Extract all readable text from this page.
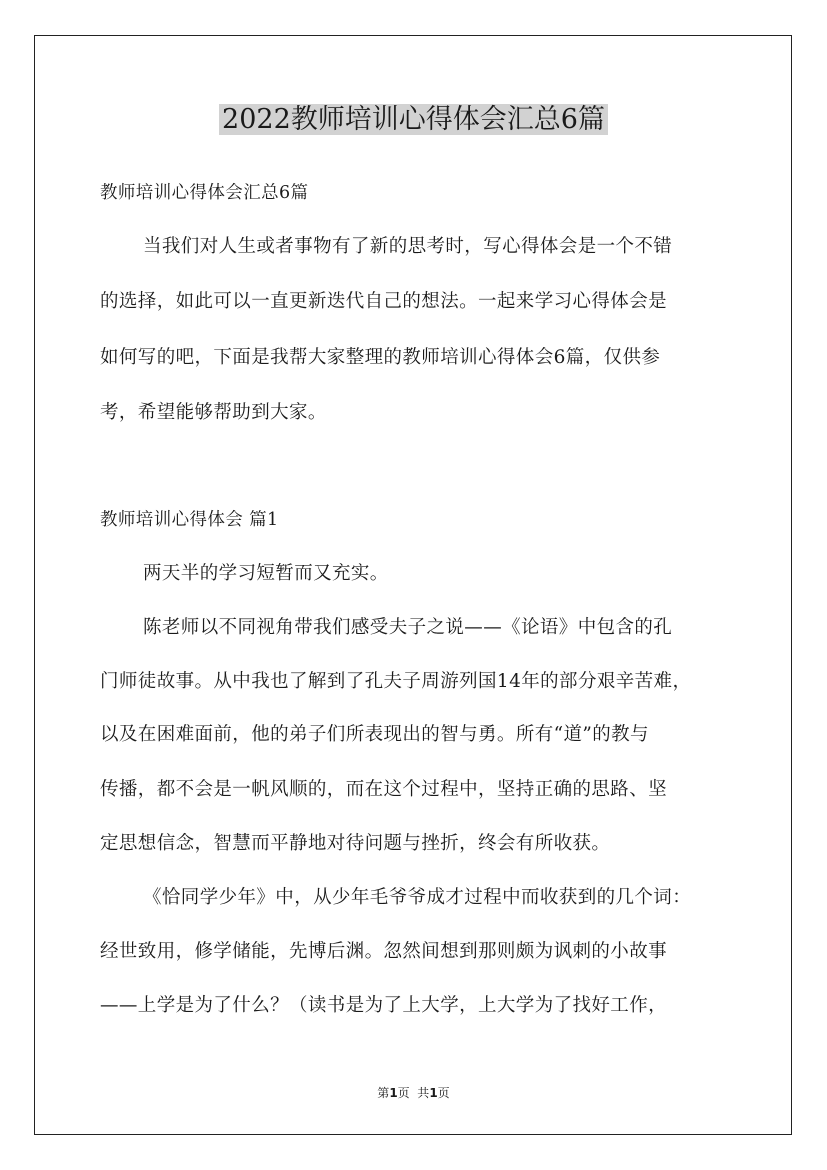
2022教师培训心得体会汇总6篇
教师培训心得体会汇总6篇
当我们对人生或者事物有了新的思考时，写心得体会是一个不错
的选择，如此可以一直更新迭代自己的想法。一起来学习心得体会是
如何写的吧，下面是我帮大家整理的教师培训心得体会6篇，仅供参
考，希望能够帮助到大家。
教师培训心得体会 篇1
两天半的学习短暂而又充实。
陈老师以不同视角带我们感受夫子之说——《论语》中包含的孔
门师徒故事。从中我也了解到了孔夫子周游列国14年的部分艰辛苦难，
以及在困难面前，他的弟子们所表现出的智与勇。所有“道”的教与
传播，都不会是一帆风顺的，而在这个过程中，坚持正确的思路、坚
定思想信念，智慧而平静地对待问题与挫折，终会有所收获。
《恰同学少年》中，从少年毛爷爷成才过程中而收获到的几个词：
经世致用，修学储能，先博后渊。忽然间想到那则颇为讽刺的小故事
——上学是为了什么？（读书是为了上大学，上大学为了找好工作，
第1页  共1页
